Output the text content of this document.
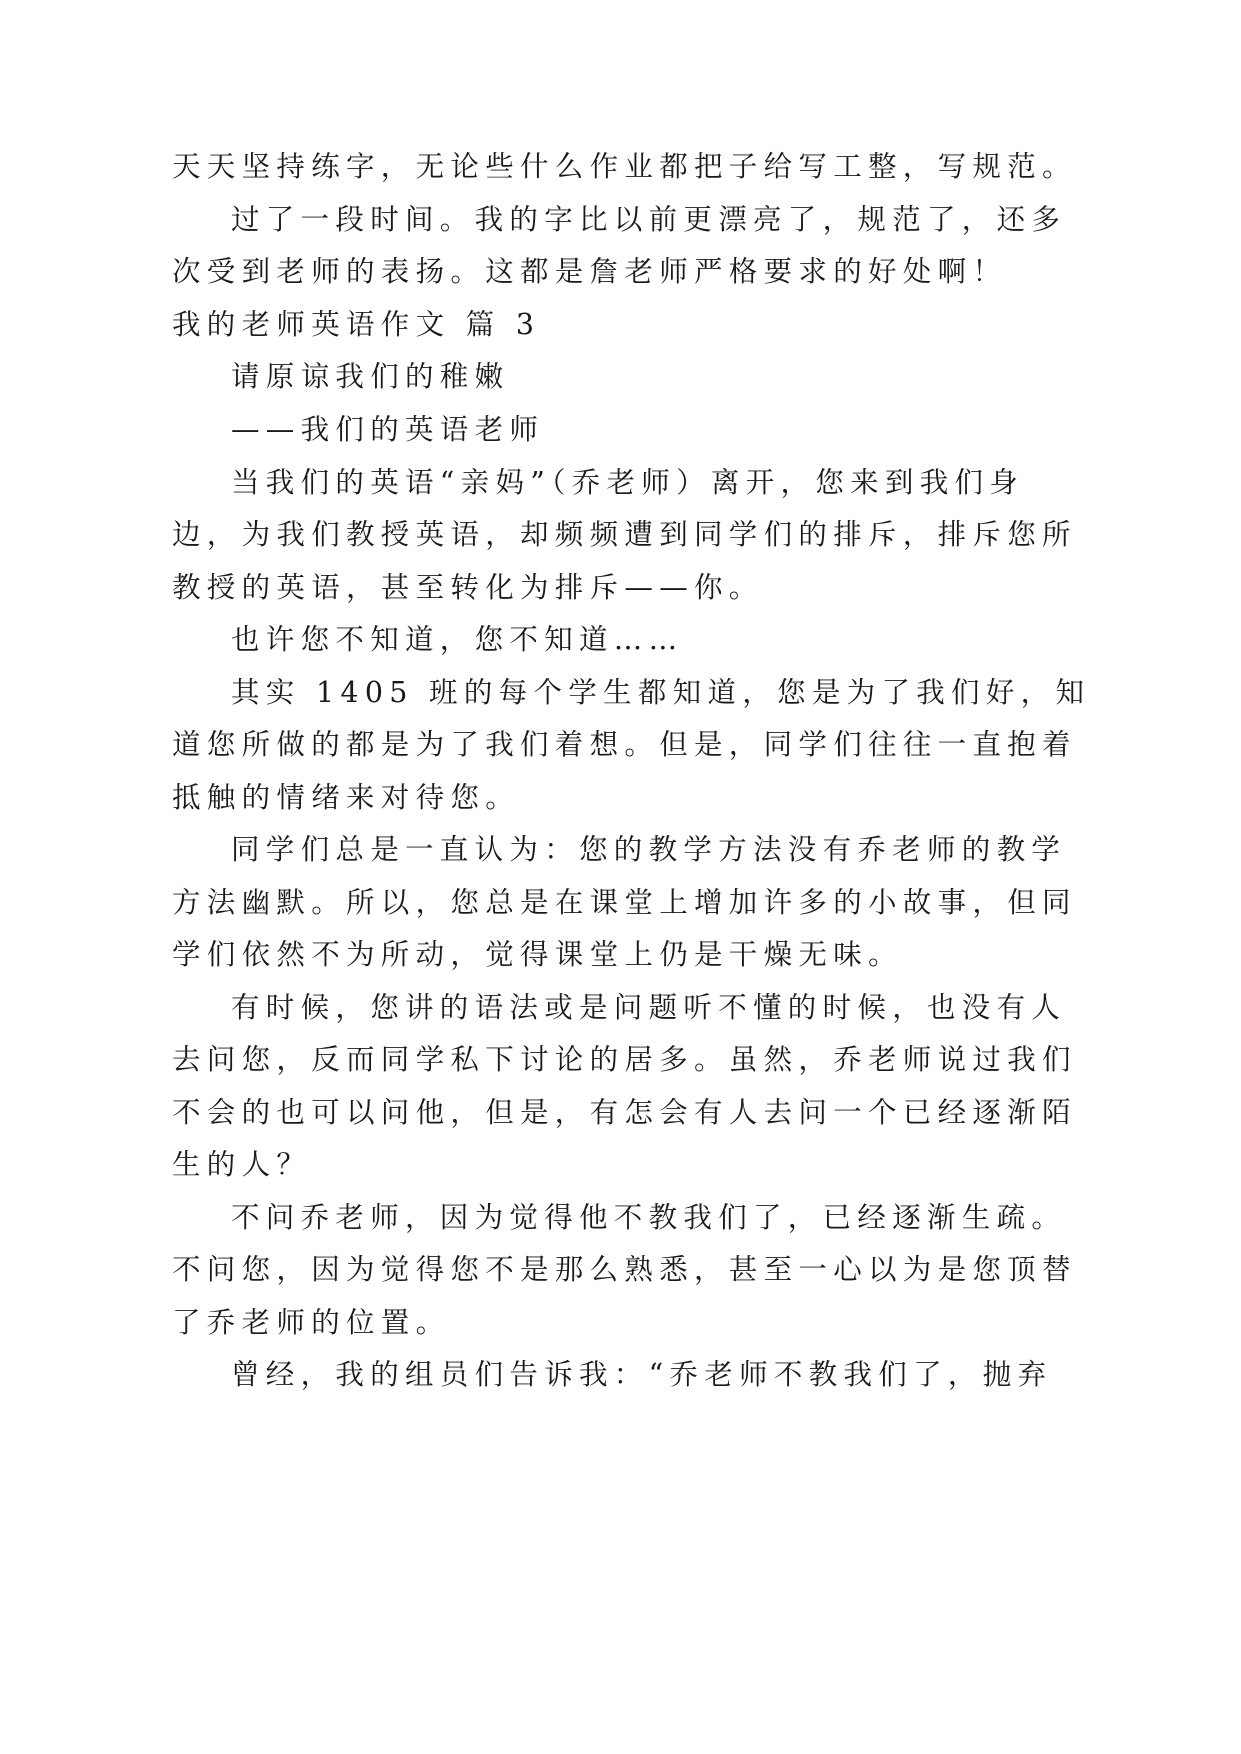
天天坚持练字，无论些什么作业都把子给写工整，写规范。
过了一段时间。我的字比以前更漂亮了，规范了，还多
次受到老师的表扬。这都是詹老师严格要求的好处啊！
我的老师英语作文 篇 3
请原谅我们的稚嫩
——我们的英语老师
当我们的英语“亲妈”（乔老师）离开，您来到我们身
边，为我们教授英语，却频频遭到同学们的排斥，排斥您所
教授的英语，甚至转化为排斥——你。
也许您不知道，您不知道……
其实 1405 班的每个学生都知道，您是为了我们好，知
道您所做的都是为了我们着想。但是，同学们往往一直抱着
抵触的情绪来对待您。
同学们总是一直认为：您的教学方法没有乔老师的教学
方法幽默。所以，您总是在课堂上增加许多的小故事，但同
学们依然不为所动，觉得课堂上仍是干燥无味。
有时候，您讲的语法或是问题听不懂的时候，也没有人
去问您，反而同学私下讨论的居多。虽然，乔老师说过我们
不会的也可以问他，但是，有怎会有人去问一个已经逐渐陌
生的人？
不问乔老师，因为觉得他不教我们了，已经逐渐生疏。
不问您，因为觉得您不是那么熟悉，甚至一心以为是您顶替
了乔老师的位置。
曾经，我的组员们告诉我：“乔老师不教我们了，抛弃
